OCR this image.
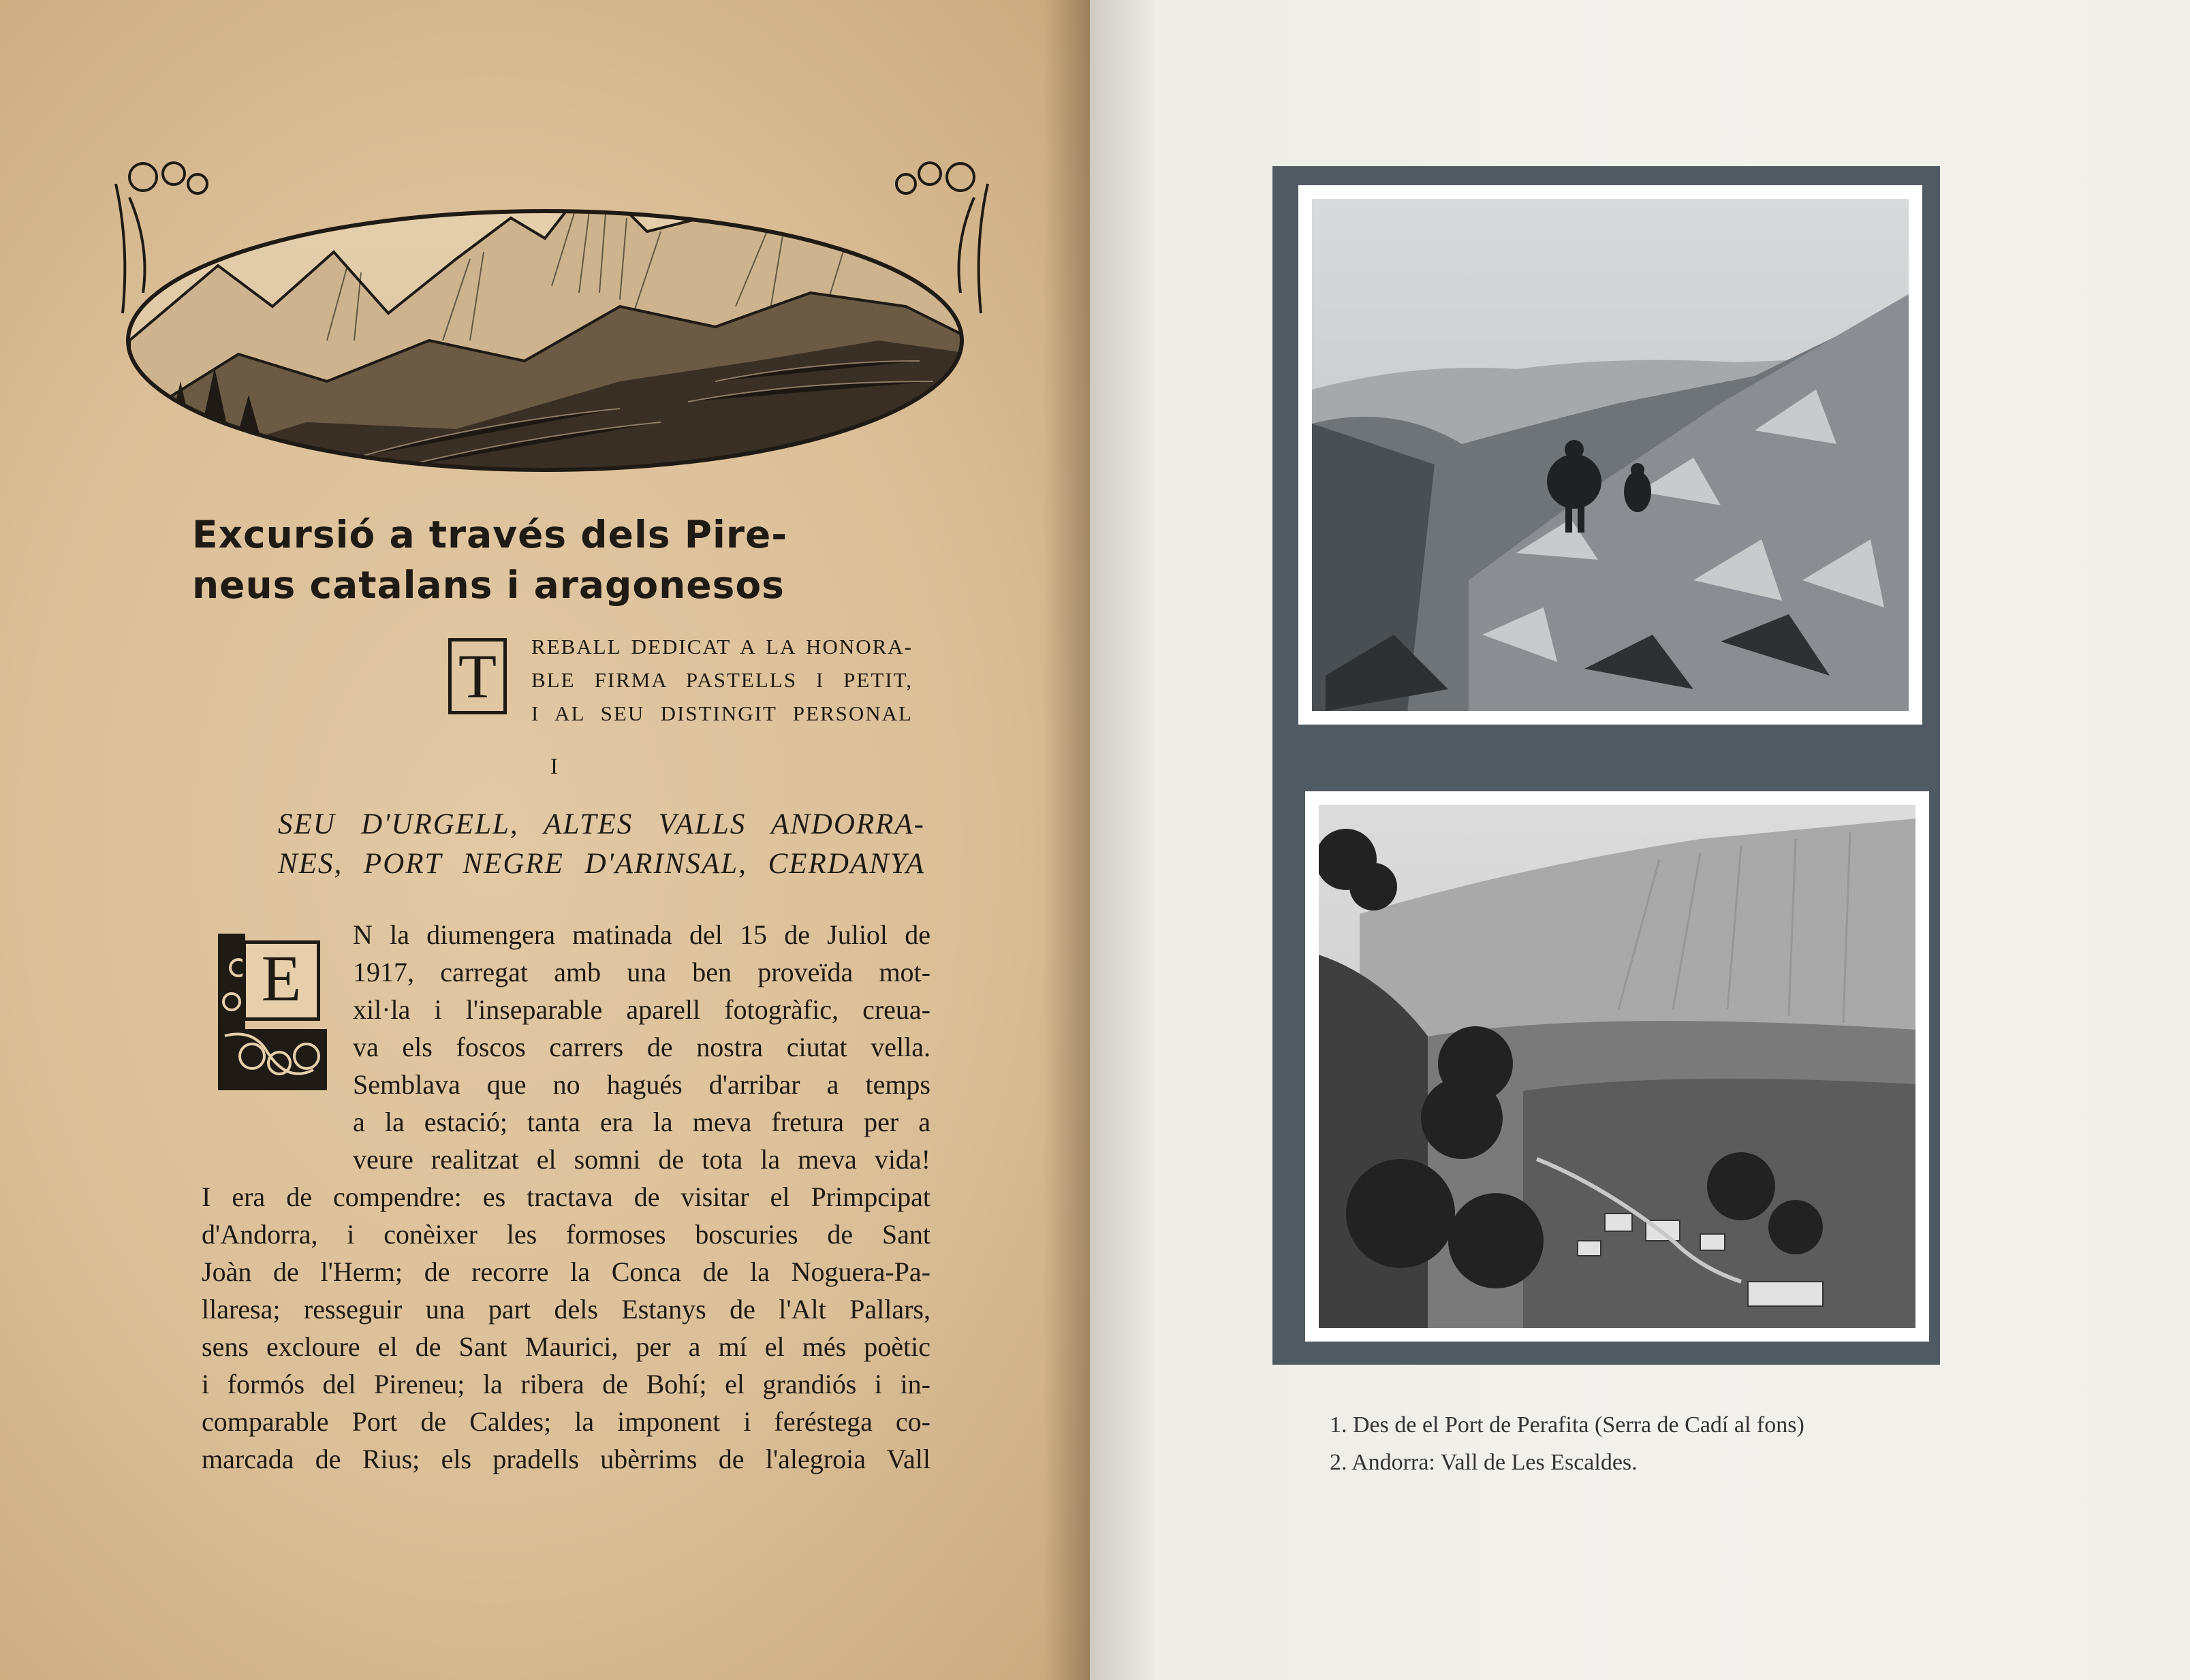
Excursió a través dels Pire-
neus catalans i aragonesos
T	REBALL DEDICAT A LA HONORA-
BLE FIRMA PASTELLS I PETIT,
I AL SEU DISTINGIT PERSONAL
I
SEU D'URGELL, ALTES VALLS ANDORRA-
NES, PORT NEGRE D'ARINSAL, CERDANYA
E
N la diumengera matinada del 15 de Juliol de
1917, carregat amb una ben proveïda mot-
xil·la i l'inseparable aparell fotogràfic, creua-
va els foscos carrers de nostra ciutat vella.
Semblava que no hagués d'arribar a temps
a la estació; tanta era la meva fretura per a
veure realitzat el somni de tota la meva vida!
I era de compendre: es tractava de visitar el Primpcipat
d'Andorra, i conèixer les formoses boscuries de Sant
Joàn de l'Herm; de recorre la Conca de la Noguera-Pa-
llaresa; resseguir una part dels Estanys de l'Alt Pallars,
sens excloure el de Sant Maurici, per a mí el més poètic
i formós del Pireneu; la ribera de Bohí; el grandiós i in-
comparable Port de Caldes; la imponent i feréstega co-
marcada de Rius; els pradells ubèrrims de l'alegroia Vall
1. Des de el Port de Perafita (Serra de Cadí al fons)
2. Andorra: Vall de Les Escaldes.
